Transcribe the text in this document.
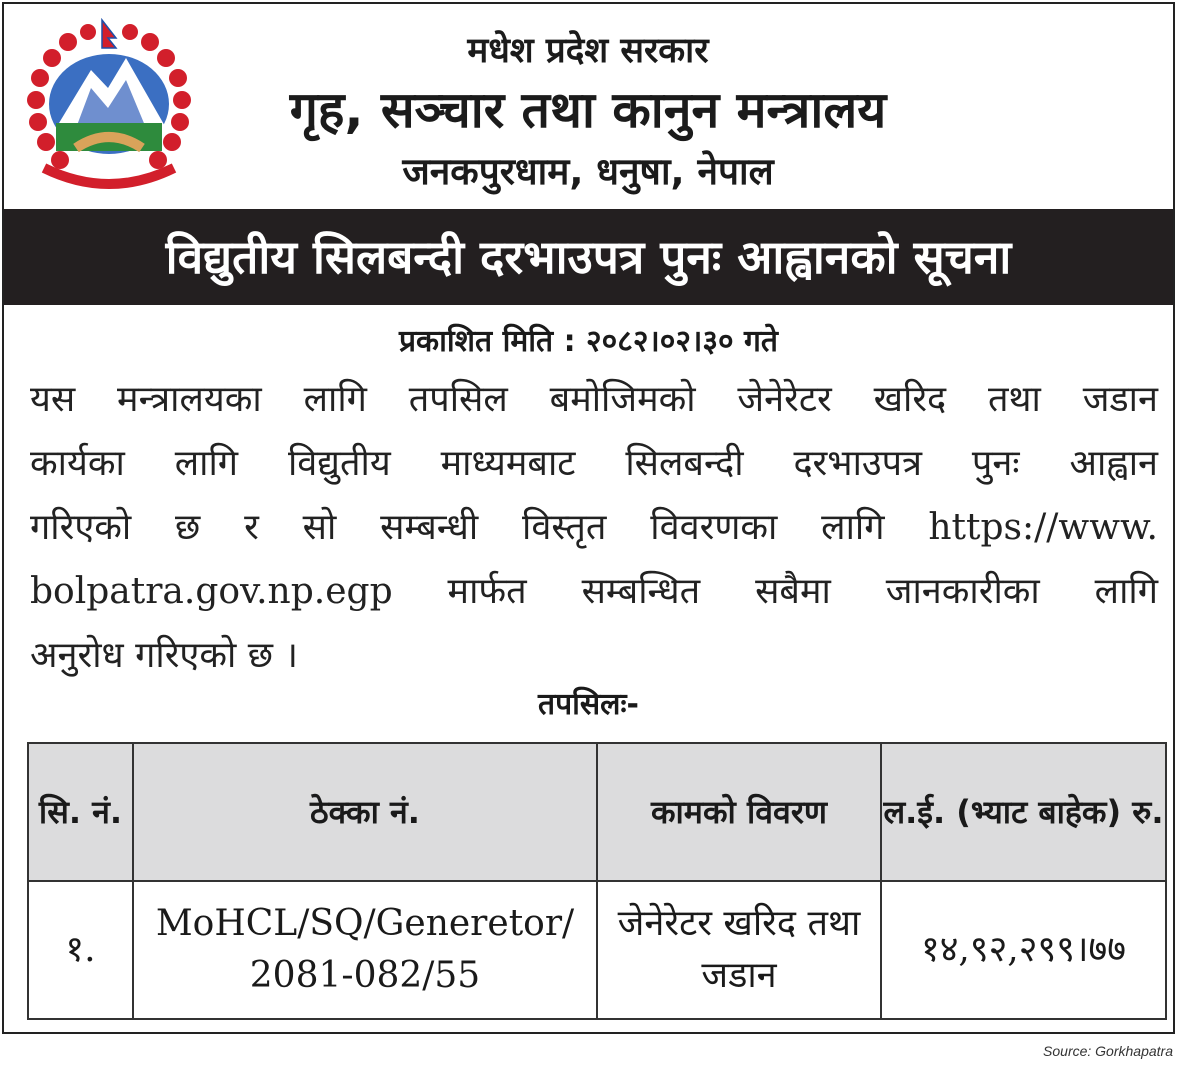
मधेश प्रदेश सरकार
गृह, सञ्चार तथा कानुन मन्त्रालय
जनकपुरधाम, धनुषा, नेपाल
विद्युतीय सिलबन्दी दरभाउपत्र पुनः आह्वानको सूचना
प्रकाशित मिति : २०८२।०२।३० गते
यस मन्त्रालयका लागि तपसिल बमोजिमको जेनेरेटर खरिद तथा जडान
कार्यका लागि विद्युतीय माध्यमबाट सिलबन्दी दरभाउपत्र पुनः आह्वान
गरिएको छ र सो सम्बन्धी विस्तृत विवरणका लागि https://www.
bolpatra.gov.np.egp मार्फत सम्बन्धित सबैमा जानकारीका लागि
अनुरोध गरिएको छ ।
तपसिलः-
सि. नं.	ठेक्का नं.	कामको विवरण	ल.ई. (भ्याट बाहेक) रु.
१.	MoHCL/SQ/Generetor/ 2081-082/55	जेनेरेटर खरिद तथा जडान	१४,९२,२९९।७७
Source: Gorkhapatra
